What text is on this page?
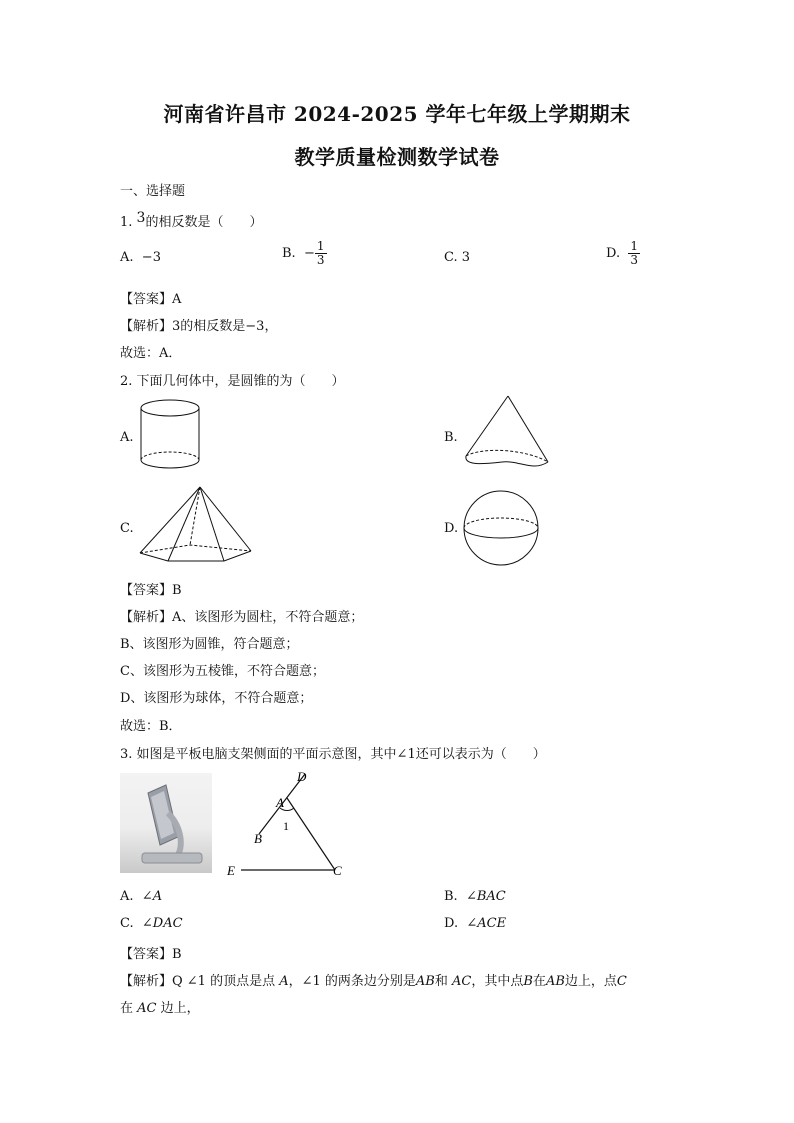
河南省许昌市 2024-2025 学年七年级上学期期末
教学质量检测数学试卷
一、选择题
1. 3的相反数是（　　）
A. −3	B. − $\frac{1}{3}$	C. 3	D. $\frac{1}{3}$
【答案】A
【解析】3的相反数是−3，
故选：A．
2. 下面几何体中，是圆锥的为（　　）
A.	B.
C.	D.
【答案】B
【解析】A、该图形为圆柱，不符合题意；
B、该图形为圆锥，符合题意；
C、该图形为五棱锥，不符合题意；
D、该图形为球体，不符合题意；
故选：B．
3. 如图是平板电脑支架侧面的平面示意图，其中∠1还可以表示为（　　）
D
A
1
B
E	C
A. ∠A	B. ∠BAC
C. ∠DAC	D. ∠ACE
【答案】B
【解析】Q ∠1 的顶点是点 A，∠1 的两条边分别是AB和 AC，其中点B在AB边上，点C
在 AC 边上，
